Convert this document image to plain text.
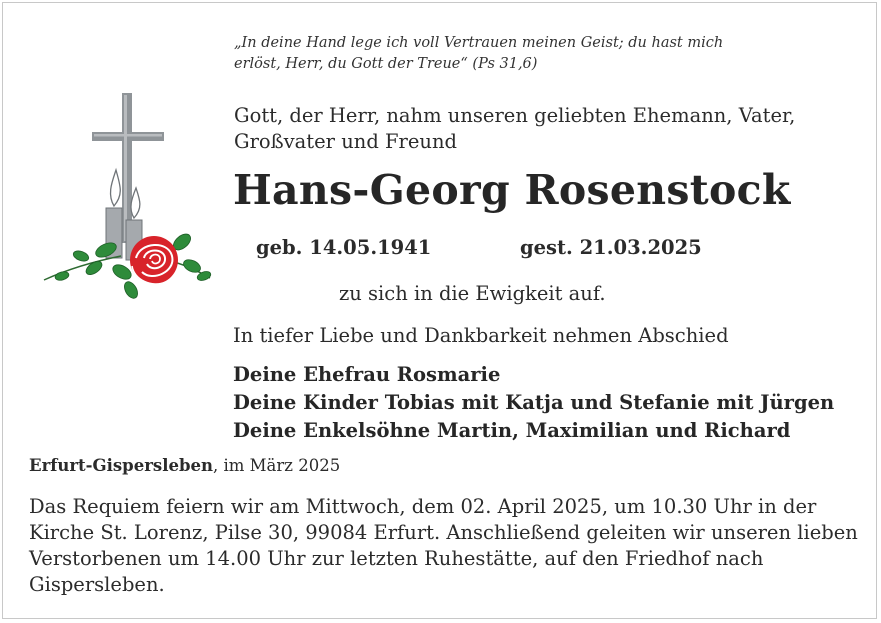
„In deine Hand lege ich voll Vertrauen meinen Geist; du hast mich
erlöst, Herr, du Gott der Treue“ (Ps 31,6)
Gott, der Herr, nahm unseren geliebten Ehemann, Vater,
Großvater und Freund
Hans-Georg Rosenstock
geb. 14.05.1941	gest. 21.03.2025
zu sich in die Ewigkeit auf.
In tiefer Liebe und Dankbarkeit nehmen Abschied
Deine Ehefrau Rosmarie
Deine Kinder Tobias mit Katja und Stefanie mit Jürgen
Deine Enkelsöhne Martin, Maximilian und Richard
Erfurt-Gispersleben, im März 2025
Das Requiem feiern wir am Mittwoch, dem 02. April 2025, um 10.30 Uhr in der
Kirche St. Lorenz, Pilse 30, 99084 Erfurt. Anschließend geleiten wir unseren lieben
Verstorbenen um 14.00 Uhr zur letzten Ruhestätte, auf den Friedhof nach
Gispersleben.
